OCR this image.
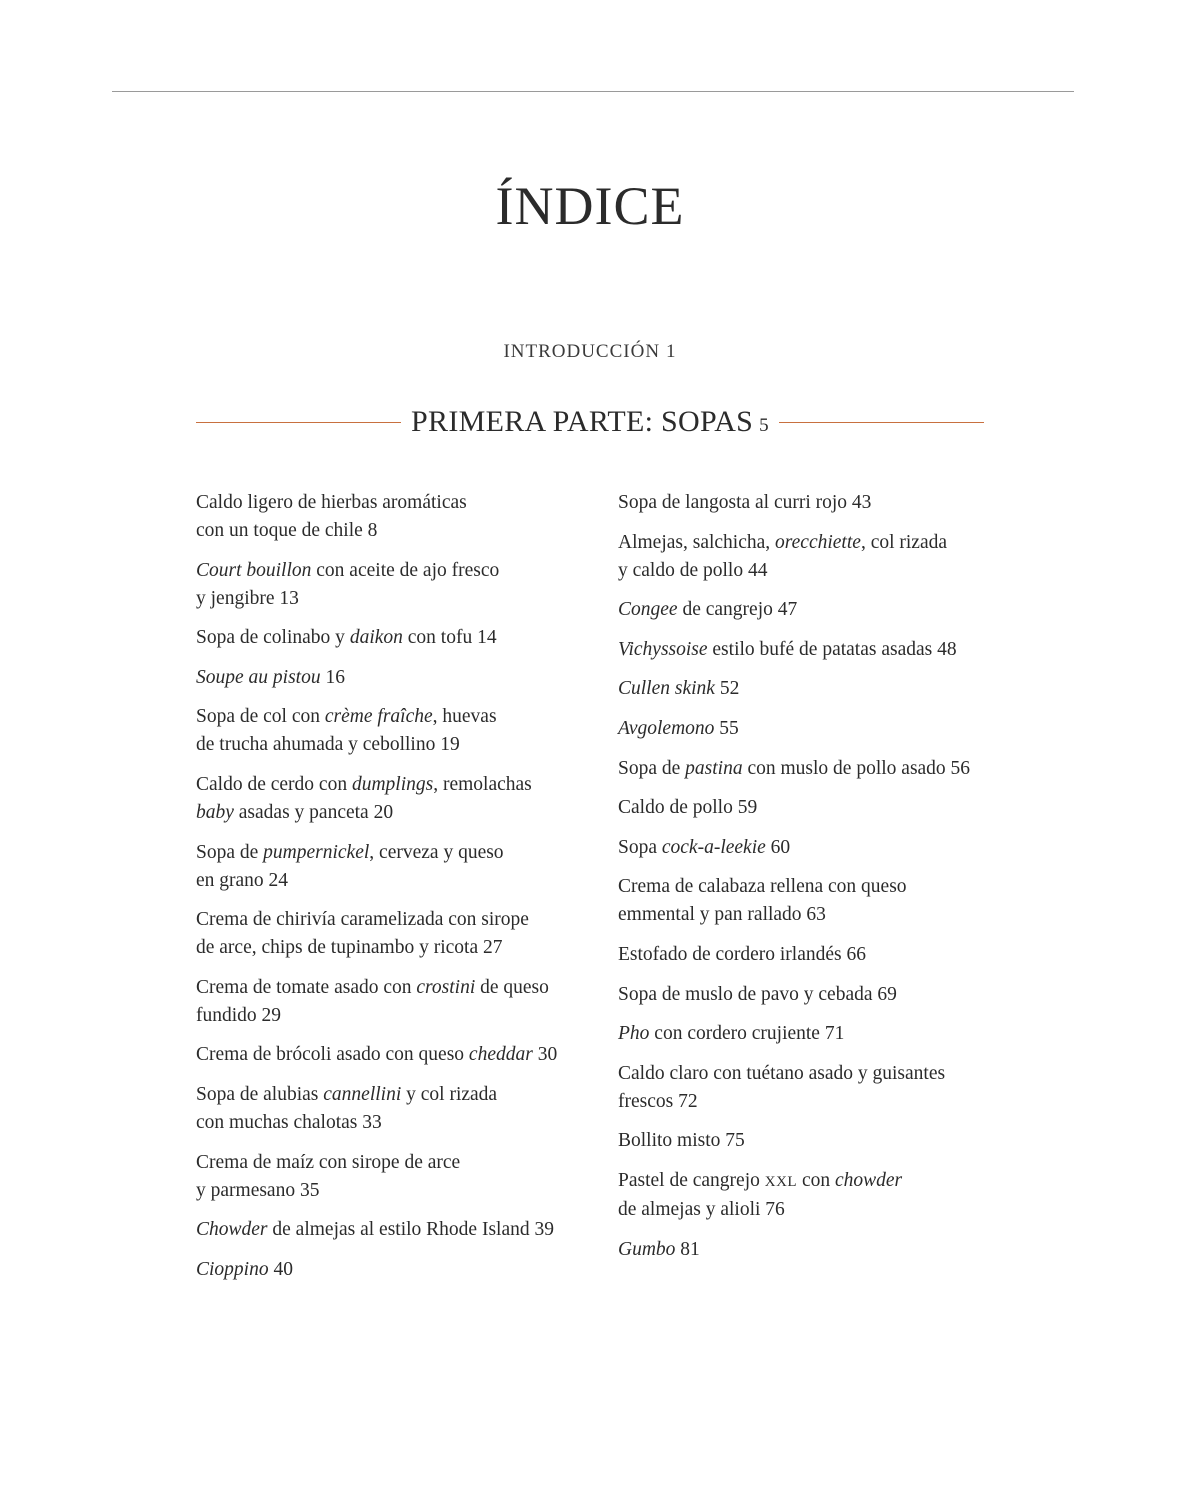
ÍNDICE
INTRODUCCIÓN 1
PRIMERA PARTE: SOPAS 5
Caldo ligero de hierbas aromáticas
con un toque de chile 8
Court bouillon con aceite de ajo fresco
y jengibre 13
Sopa de colinabo y daikon con tofu 14
Soupe au pistou 16
Sopa de col con crème fraîche, huevas
de trucha ahumada y cebollino 19
Caldo de cerdo con dumplings, remolachas
baby asadas y panceta 20
Sopa de pumpernickel, cerveza y queso
en grano 24
Crema de chirivía caramelizada con sirope
de arce, chips de tupinambo y ricota 27
Crema de tomate asado con crostini de queso
fundido 29
Crema de brócoli asado con queso cheddar 30
Sopa de alubias cannellini y col rizada
con muchas chalotas 33
Crema de maíz con sirope de arce
y parmesano 35
Chowder de almejas al estilo Rhode Island 39
Cioppino 40
Sopa de langosta al curri rojo 43
Almejas, salchicha, orecchiette, col rizada
y caldo de pollo 44
Congee de cangrejo 47
Vichyssoise estilo bufé de patatas asadas 48
Cullen skink 52
Avgolemono 55
Sopa de pastina con muslo de pollo asado 56
Caldo de pollo 59
Sopa cock-a-leekie 60
Crema de calabaza rellena con queso
emmental y pan rallado 63
Estofado de cordero irlandés 66
Sopa de muslo de pavo y cebada 69
Pho con cordero crujiente 71
Caldo claro con tuétano asado y guisantes
frescos 72
Bollito misto 75
Pastel de cangrejo XXL con chowder
de almejas y alioli 76
Gumbo 81
